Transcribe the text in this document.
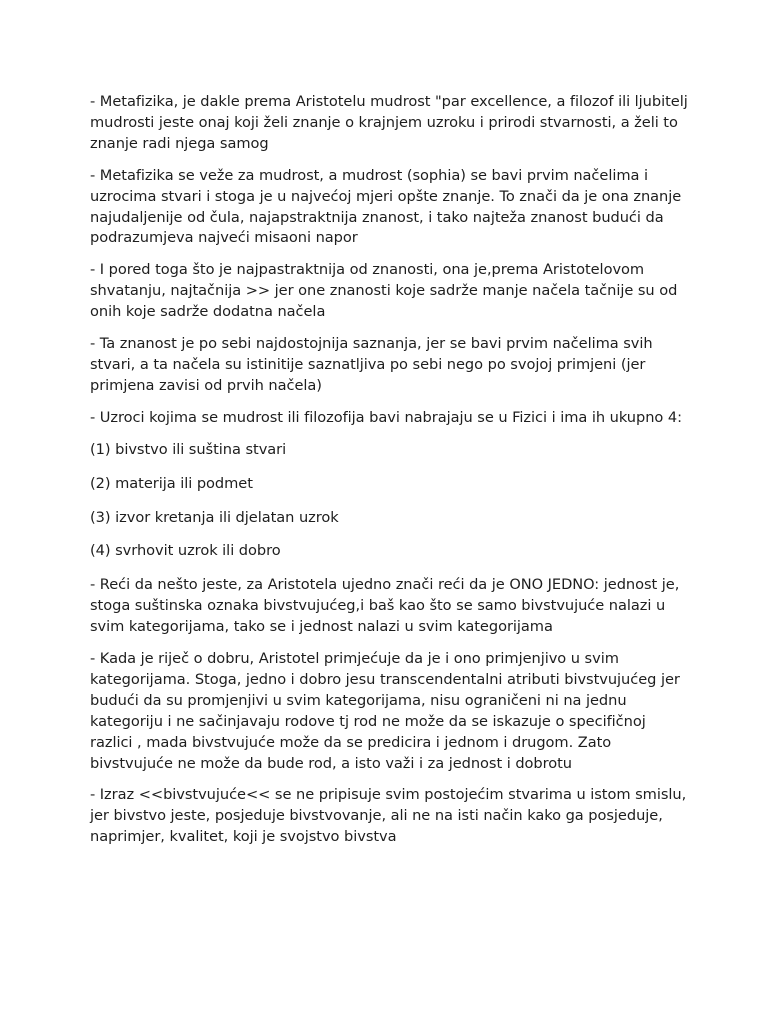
- Metafizika, je dakle prema Aristotelu mudrost "par excellence, a filozof ili ljubitelj mudrosti jeste onaj koji želi znanje o krajnjem uzroku i prirodi stvarnosti, a želi to znanje radi njega samog

- Metafizika se veže za mudrost, a mudrost (sophia) se bavi prvim načelima i uzrocima stvari i stoga je u najvećoj mjeri opšte znanje. To znači da je ona znanje najudaljenije od čula, najapstraktnija znanost, i tako najteža znanost budući da podrazumjeva najveći misaoni napor

- I pored toga što je najpastraktnija od znanosti, ona je,prema Aristotelovom shvatanju, najtačnija >> jer one znanosti koje sadrže manje načela tačnije su od onih koje sadrže dodatna načela

- Ta znanost je po sebi najdostojnija saznanja, jer se bavi prvim načelima svih stvari, a ta načela su istinitije saznatljiva po sebi nego po svojoj primjeni (jer primjena zavisi od prvih načela)

- Uzroci kojima se mudrost ili filozofija bavi nabrajaju se u Fizici i ima ih ukupno 4:

(1) bivstvo ili suština stvari

(2) materija ili podmet

(3) izvor kretanja ili djelatan uzrok

(4) svrhovit uzrok ili dobro

- Reći da nešto jeste, za Aristotela ujedno znači reći da je ONO JEDNO: jednost je, stoga suštinska oznaka bivstvujućeg,i baš kao što se samo bivstvujuće nalazi u svim kategorijama, tako se i jednost nalazi u svim kategorijama

- Kada je riječ o dobru, Aristotel primjećuje da je i ono primjenjivo u svim kategorijama. Stoga, jedno i dobro jesu transcendentalni atributi bivstvujućeg jer budući da su promjenjivi u svim kategorijama, nisu ograničeni ni na jednu kategoriju i ne sačinjavaju rodove tj rod ne može da se iskazuje o specifičnoj razlici , mada bivstvujuće može da se predicira i jednom i drugom. Zato bivstvujuće ne može da bude rod, a isto važi i za jednost i dobrotu

- Izraz <<bivstvujuće<< se ne pripisuje svim postojećim stvarima u istom smislu, jer bivstvo jeste, posjeduje bivstvovanje, ali ne na isti način kako ga posjeduje, naprimjer, kvalitet, koji je svojstvo bivstva
